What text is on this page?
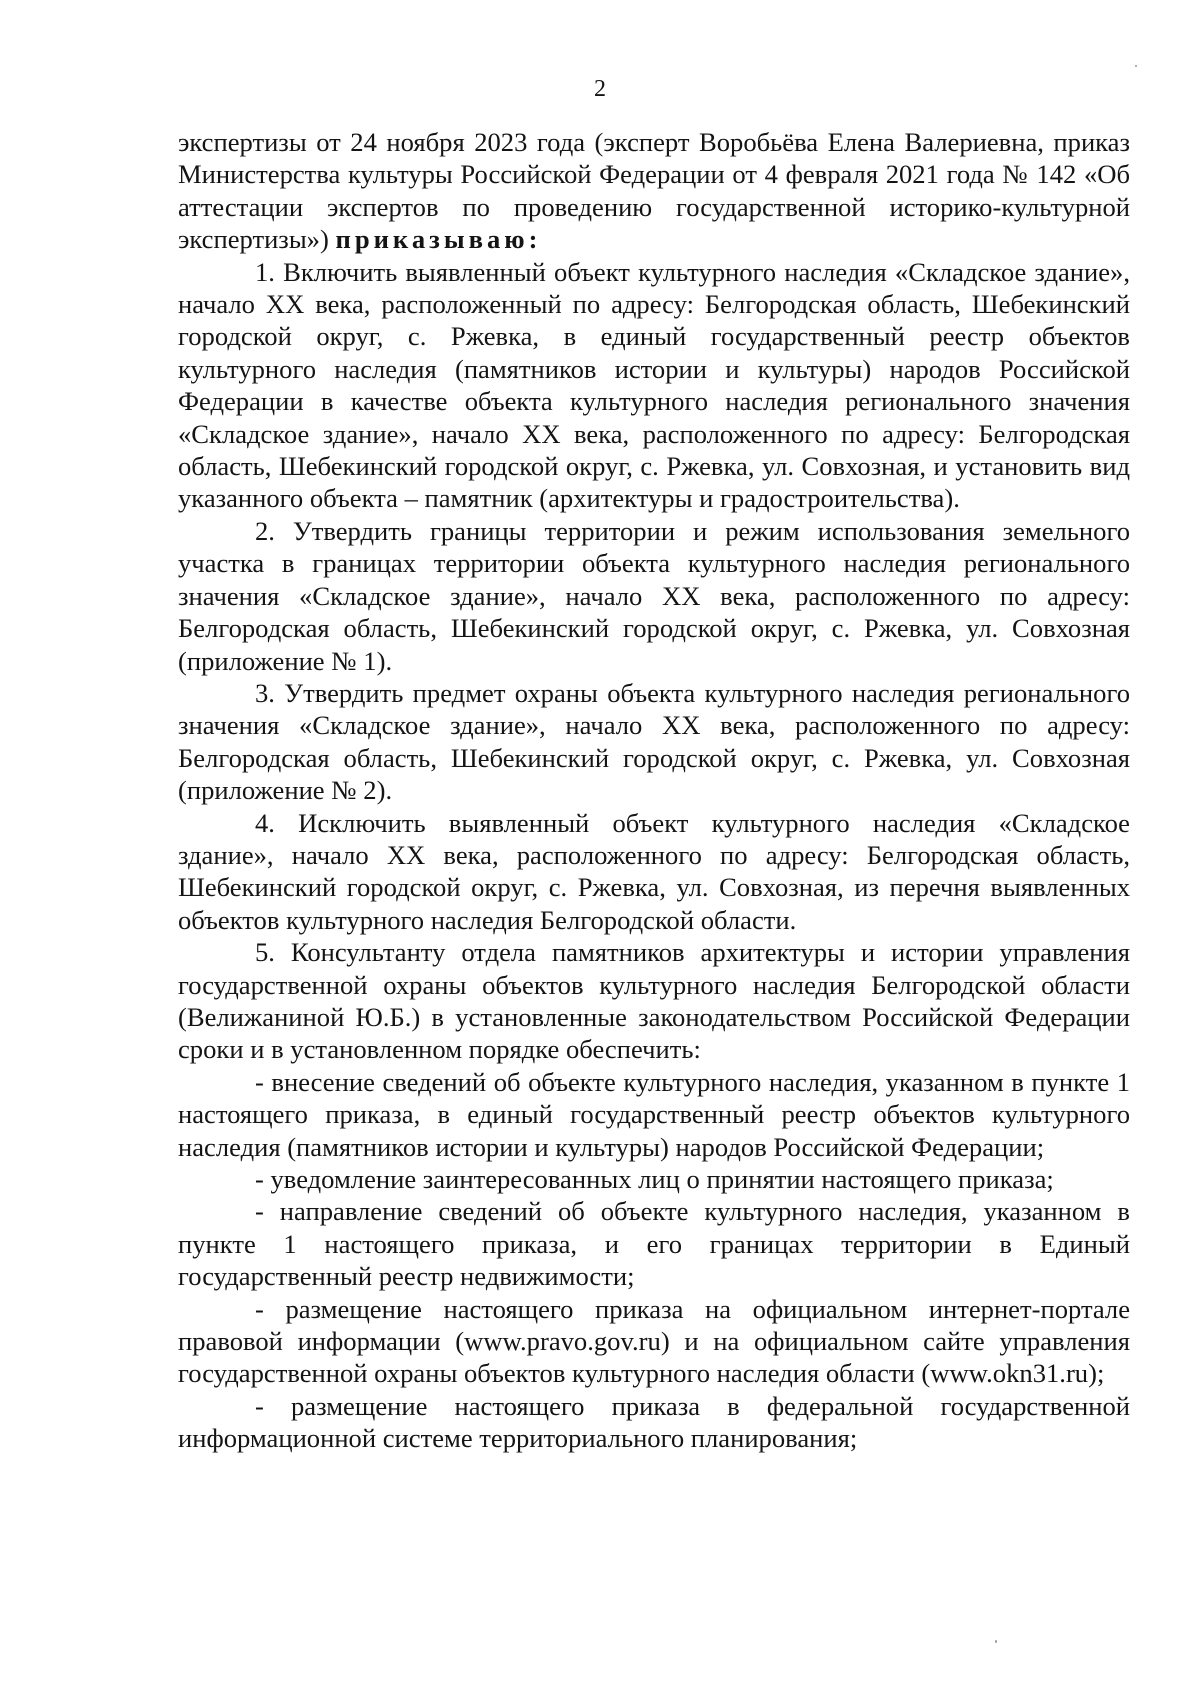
2

экспертизы от 24 ноября 2023 года (эксперт Воробьёва Елена Валериевна, приказ Министерства культуры Российской Федерации от 4 февраля 2021 года № 142 «Об аттестации экспертов по проведению государственной историко-культурной экспертизы») приказываю:

1. Включить выявленный объект культурного наследия «Складское здание», начало XX века, расположенный по адресу: Белгородская область, Шебекинский городской округ, с. Ржевка, в единый государственный реестр объектов культурного наследия (памятников истории и культуры) народов Российской Федерации в качестве объекта культурного наследия регионального значения «Складское здание», начало XX века, расположенного по адресу: Белгородская область, Шебекинский городской округ, с. Ржевка, ул. Совхозная, и установить вид указанного объекта – памятник (архитектуры и градостроительства).

2. Утвердить границы территории и режим использования земельного участка в границах территории объекта культурного наследия регионального значения «Складское здание», начало XX века, расположенного по адресу: Белгородская область, Шебекинский городской округ, с. Ржевка, ул. Совхозная (приложение № 1).

3. Утвердить предмет охраны объекта культурного наследия регионального значения «Складское здание», начало XX века, расположенного по адресу: Белгородская область, Шебекинский городской округ, с. Ржевка, ул. Совхозная (приложение № 2).

4. Исключить выявленный объект культурного наследия «Складское здание», начало XX века, расположенного по адресу: Белгородская область, Шебекинский городской округ, с. Ржевка, ул. Совхозная, из перечня выявленных объектов культурного наследия Белгородской области.

5. Консультанту отдела памятников архитектуры и истории управления государственной охраны объектов культурного наследия Белгородской области (Велижаниной Ю.Б.) в установленные законодательством Российской Федерации сроки и в установленном порядке обеспечить:

- внесение сведений об объекте культурного наследия, указанном в пункте 1 настоящего приказа, в единый государственный реестр объектов культурного наследия (памятников истории и культуры) народов Российской Федерации;

- уведомление заинтересованных лиц о принятии настоящего приказа;

- направление сведений об объекте культурного наследия, указанном в пункте 1 настоящего приказа, и его границах территории в Единый государственный реестр недвижимости;

- размещение настоящего приказа на официальном интернет-портале правовой информации (www.pravo.gov.ru) и на официальном сайте управления государственной охраны объектов культурного наследия области (www.okn31.ru);

- размещение настоящего приказа в федеральной государственной информационной системе территориального планирования;
